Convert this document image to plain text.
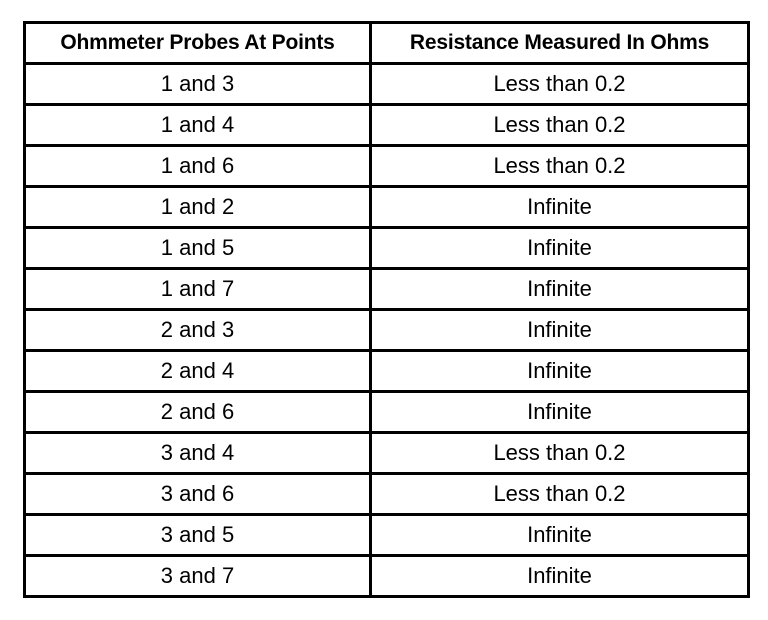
Ohmmeter Probes At Points	Resistance Measured In Ohms
1 and 3	Less than 0.2
1 and 4	Less than 0.2
1 and 6	Less than 0.2
1 and 2	Infinite
1 and 5	Infinite
1 and 7	Infinite
2 and 3	Infinite
2 and 4	Infinite
2 and 6	Infinite
3 and 4	Less than 0.2
3 and 6	Less than 0.2
3 and 5	Infinite
3 and 7	Infinite
